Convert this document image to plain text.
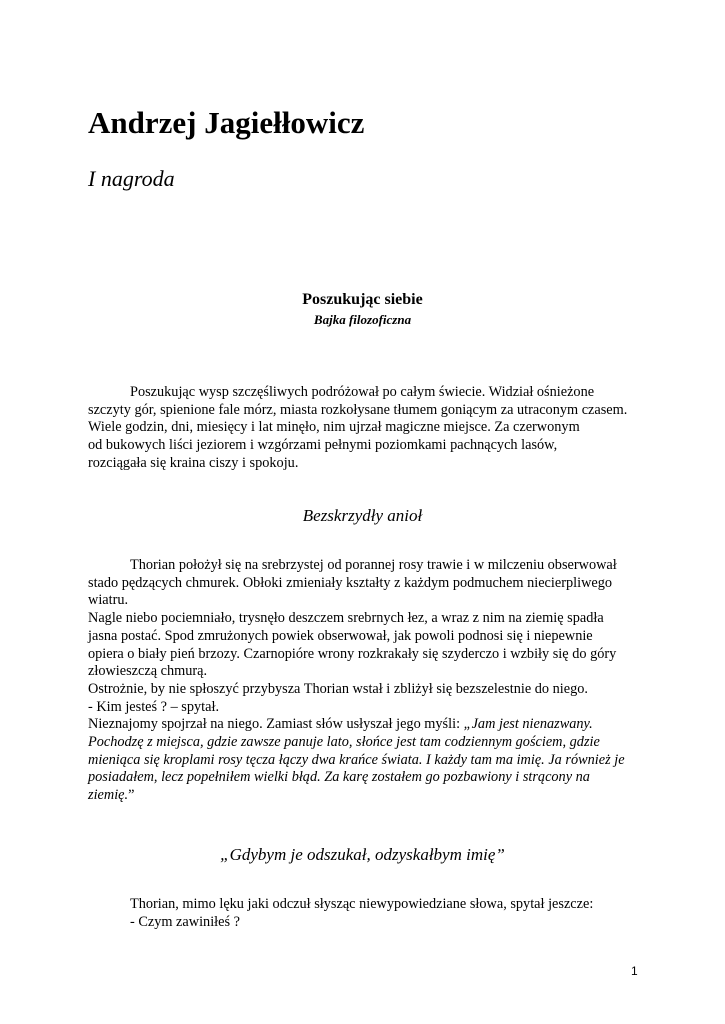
Andrzej Jagiełłowicz
I nagroda
Poszukując siebie
Bajka filozoficzna
Poszukując wysp szczęśliwych podróżował po całym świecie. Widział ośnieżone
szczyty gór, spienione fale mórz, miasta rozkołysane tłumem goniącym za utraconym czasem.
Wiele godzin, dni, miesięcy i lat minęło, nim ujrzał magiczne miejsce. Za czerwonym
od bukowych liści jeziorem i wzgórzami pełnymi poziomkami pachnących lasów,
rozciągała się kraina ciszy i spokoju.
Bezskrzydły anioł
Thorian położył się na srebrzystej od porannej rosy trawie i w milczeniu obserwował
stado pędzących chmurek. Obłoki zmieniały kształty z każdym podmuchem niecierpliwego
wiatru.
Nagle niebo pociemniało, trysnęło deszczem srebrnych łez, a wraz z nim na ziemię spadła
jasna postać. Spod zmrużonych powiek obserwował, jak powoli podnosi się i niepewnie
opiera o biały pień brzozy. Czarnopióre wrony rozkrakały się szyderczo i wzbiły się do góry
złowieszczą chmurą.
Ostrożnie, by nie spłoszyć przybysza Thorian wstał i zbliżył się bezszelestnie do niego.
- Kim jesteś ? – spytał.
Nieznajomy spojrzał na niego. Zamiast słów usłyszał jego myśli: „Jam jest nienazwany.
Pochodzę z miejsca, gdzie zawsze panuje lato, słońce jest tam codziennym gościem, gdzie
mieniąca się kroplami rosy tęcza łączy dwa krańce świata. I każdy tam ma imię. Ja również je
posiadałem, lecz popełniłem wielki błąd. Za karę zostałem go pozbawiony i strącony na
ziemię.”
„Gdybym je odszukał, odzyskałbym imię”
Thorian, mimo lęku jaki odczuł słysząc niewypowiedziane słowa, spytał jeszcze:
- Czym zawiniłeś ?
1
